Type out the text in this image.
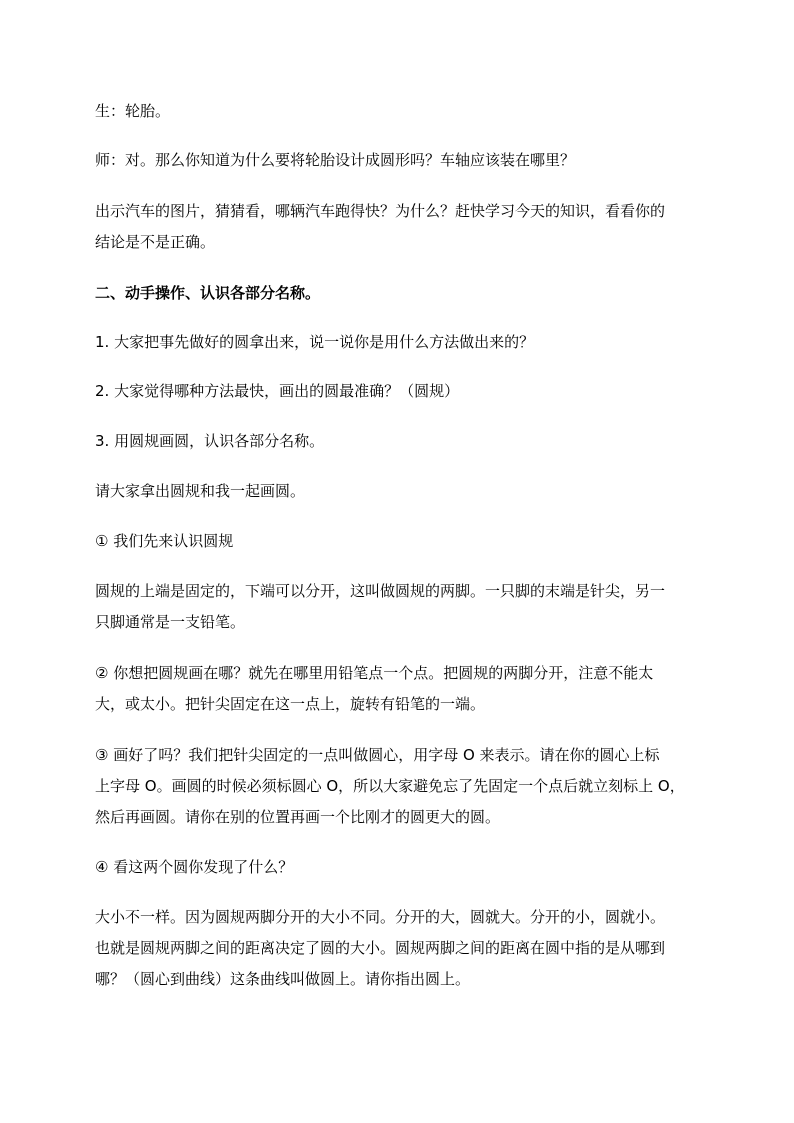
生：轮胎。

师：对。那么你知道为什么要将轮胎设计成圆形吗？车轴应该装在哪里？

出示汽车的图片，猜猜看，哪辆汽车跑得快？为什么？赶快学习今天的知识，看看你的
结论是不是正确。

二、动手操作、认识各部分名称。

1. 大家把事先做好的圆拿出来，说一说你是用什么方法做出来的？

2. 大家觉得哪种方法最快，画出的圆最准确？（圆规）

3. 用圆规画圆，认识各部分名称。

请大家拿出圆规和我一起画圆。

① 我们先来认识圆规

圆规的上端是固定的，下端可以分开，这叫做圆规的两脚。一只脚的末端是针尖，另一
只脚通常是一支铅笔。

② 你想把圆规画在哪？就先在哪里用铅笔点一个点。把圆规的两脚分开，注意不能太
大，或太小。把针尖固定在这一点上，旋转有铅笔的一端。

③ 画好了吗？我们把针尖固定的一点叫做圆心，用字母 O 来表示。请在你的圆心上标
上字母 O。画圆的时候必须标圆心 O，所以大家避免忘了先固定一个点后就立刻标上 O，
然后再画圆。请你在别的位置再画一个比刚才的圆更大的圆。

④ 看这两个圆你发现了什么？

大小不一样。因为圆规两脚分开的大小不同。分开的大，圆就大。分开的小，圆就小。
也就是圆规两脚之间的距离决定了圆的大小。圆规两脚之间的距离在圆中指的是从哪到
哪？（圆心到曲线）这条曲线叫做圆上。请你指出圆上。
